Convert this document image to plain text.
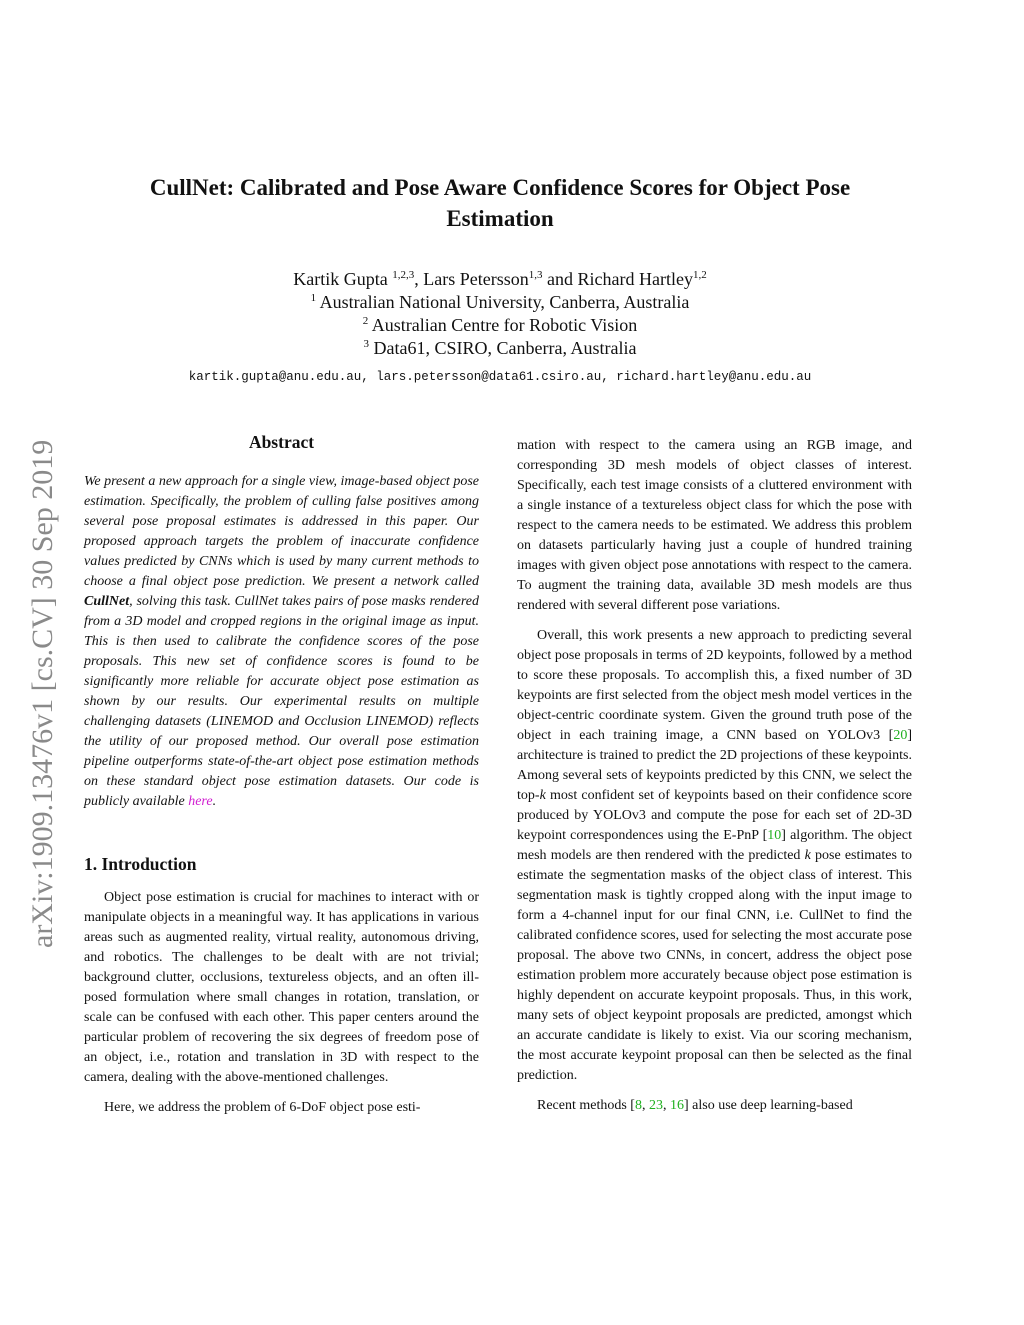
arXiv:1909.13476v1 [cs.CV] 30 Sep 2019
CullNet: Calibrated and Pose Aware Confidence Scores for Object Pose Estimation
Kartik Gupta $^{1,2,3}$, Lars Petersson$^{1,3}$ and Richard Hartley$^{1,2}$
$^1$ Australian National University, Canberra, Australia
$^2$ Australian Centre for Robotic Vision
$^3$ Data61, CSIRO, Canberra, Australia
kartik.gupta@anu.edu.au, lars.petersson@data61.csiro.au, richard.hartley@anu.edu.au
Abstract

We present a new approach for a single view, image-based object pose estimation. Specifically, the problem of culling false positives among several pose proposal estimates is addressed in this paper. Our proposed approach targets the problem of inaccurate confidence values predicted by CNNs which is used by many current methods to choose a final object pose prediction. We present a network called CullNet, solving this task. CullNet takes pairs of pose masks rendered from a 3D model and cropped regions in the original image as input. This is then used to calibrate the confidence scores of the pose proposals. This new set of confidence scores is found to be significantly more reliable for accurate object pose estimation as shown by our results. Our experimental results on multiple challenging datasets (LINEMOD and Occlusion LINEMOD) reflects the utility of our proposed method. Our overall pose estimation pipeline outperforms state-of-the-art object pose estimation methods on these standard object pose estimation datasets. Our code is publicly available here.

1. Introduction

Object pose estimation is crucial for machines to interact with or manipulate objects in a meaningful way. It has applications in various areas such as augmented reality, virtual reality, autonomous driving, and robotics. The challenges to be dealt with are not trivial; background clutter, occlusions, textureless objects, and an often ill-posed formulation where small changes in rotation, translation, or scale can be confused with each other. This paper centers around the particular problem of recovering the six degrees of freedom pose of an object, i.e., rotation and translation in 3D with respect to the camera, dealing with the above-mentioned challenges.

Here, we address the problem of 6-DoF object pose esti-

mation with respect to the camera using an RGB image, and corresponding 3D mesh models of object classes of interest. Specifically, each test image consists of a cluttered environment with a single instance of a textureless object class for which the pose with respect to the camera needs to be estimated. We address this problem on datasets particularly having just a couple of hundred training images with given object pose annotations with respect to the camera. To augment the training data, available 3D mesh models are thus rendered with several different pose variations.

Overall, this work presents a new approach to predicting several object pose proposals in terms of 2D keypoints, followed by a method to score these proposals. To accomplish this, a fixed number of 3D keypoints are first selected from the object mesh model vertices in the object-centric coordinate system. Given the ground truth pose of the object in each training image, a CNN based on YOLOv3 [20] architecture is trained to predict the 2D projections of these keypoints. Among several sets of keypoints predicted by this CNN, we select the top-k most confident set of keypoints based on their confidence score produced by YOLOv3 and compute the pose for each set of 2D-3D keypoint correspondences using the E-PnP [10] algorithm. The object mesh models are then rendered with the predicted k pose estimates to estimate the segmentation masks of the object class of interest. This segmentation mask is tightly cropped along with the input image to form a 4-channel input for our final CNN, i.e. CullNet to find the calibrated confidence scores, used for selecting the most accurate pose proposal. The above two CNNs, in concert, address the object pose estimation problem more accurately because object pose estimation is highly dependent on accurate keypoint proposals. Thus, in this work, many sets of object keypoint proposals are predicted, amongst which an accurate candidate is likely to exist. Via our scoring mechanism, the most accurate keypoint proposal can then be selected as the final prediction.

Recent methods [8, 23, 16] also use deep learning-based
